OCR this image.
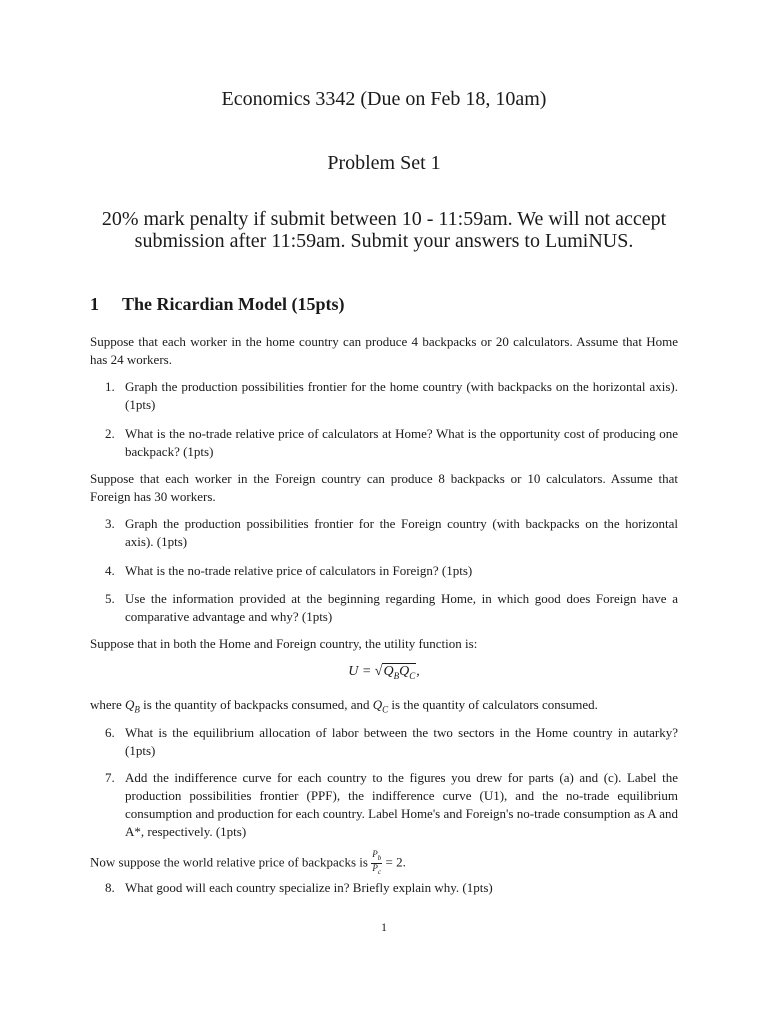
Economics 3342 (Due on Feb 18, 10am)
Problem Set 1
20% mark penalty if submit between 10 - 11:59am. We will not accept submission after 11:59am. Submit your answers to LumiNUS.
1 The Ricardian Model (15pts)
Suppose that each worker in the home country can produce 4 backpacks or 20 calculators. Assume that Home has 24 workers.
1. Graph the production possibilities frontier for the home country (with backpacks on the horizontal axis). (1pts)
2. What is the no-trade relative price of calculators at Home? What is the opportunity cost of producing one backpack? (1pts)
Suppose that each worker in the Foreign country can produce 8 backpacks or 10 calculators. Assume that Foreign has 30 workers.
3. Graph the production possibilities frontier for the Foreign country (with backpacks on the horizontal axis). (1pts)
4. What is the no-trade relative price of calculators in Foreign? (1pts)
5. Use the information provided at the beginning regarding Home, in which good does Foreign have a comparative advantage and why? (1pts)
Suppose that in both the Home and Foreign country, the utility function is:
$U = √Q_BQ_C$,
where $Q_B$ is the quantity of backpacks consumed, and $Q_C$ is the quantity of calculators consumed.
6. What is the equilibrium allocation of labor between the two sectors in the Home country in autarky? (1pts)
7. Add the indifference curve for each country to the figures you drew for parts (a) and (c). Label the production possibilities frontier (PPF), the indifference curve (U1), and the no-trade equilibrium consumption and production for each country. Label Home's and Foreign's no-trade consumption as A and A*, respectively. (1pts)
Now suppose the world relative price of backpacks is $\frac{P_b}{P_c} = 2$.
8. What good will each country specialize in? Briefly explain why. (1pts)
1
